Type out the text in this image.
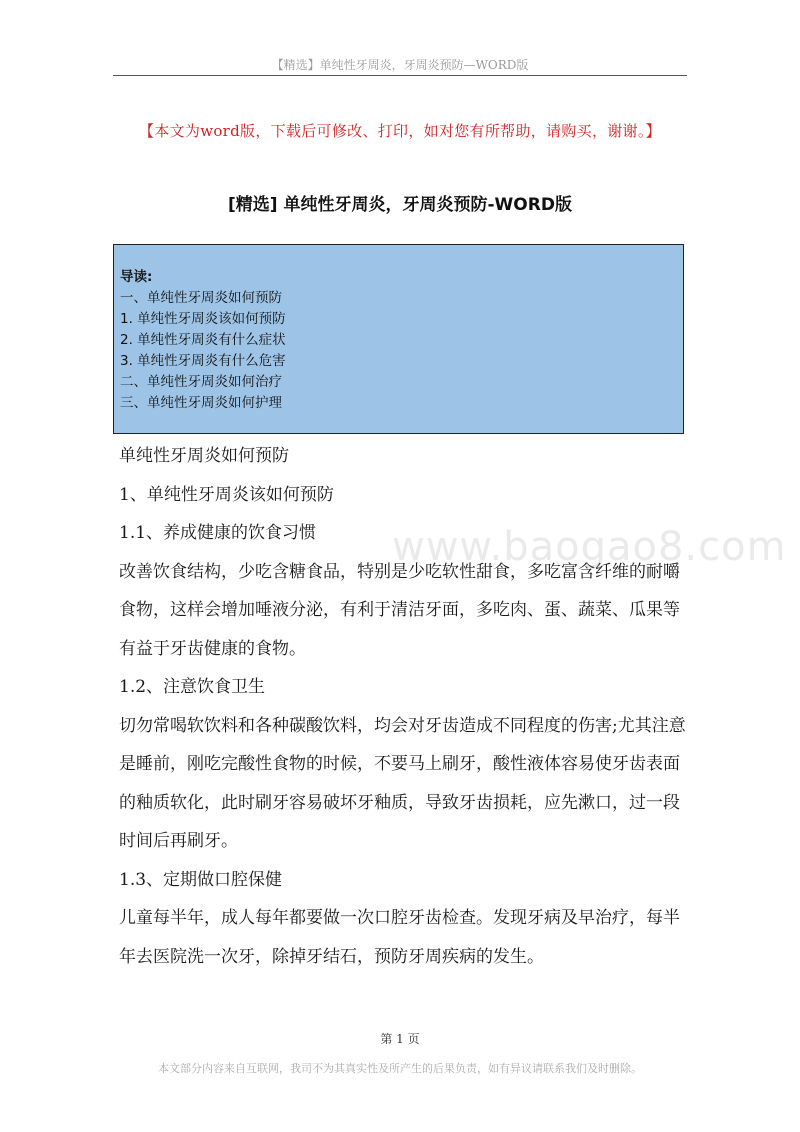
【精选】单纯性牙周炎，牙周炎预防—WORD版
【本文为word版，下载后可修改、打印，如对您有所帮助，请购买，谢谢。】
[精选] 单纯性牙周炎，牙周炎预防-WORD版
导读:
一、单纯性牙周炎如何预防
1. 单纯性牙周炎该如何预防
2. 单纯性牙周炎有什么症状
3. 单纯性牙周炎有什么危害
二、单纯性牙周炎如何治疗
三、单纯性牙周炎如何护理

单纯性牙周炎如何预防

1、单纯性牙周炎该如何预防

1.1、养成健康的饮食习惯

改善饮食结构，少吃含糖食品，特别是少吃软性甜食，多吃富含纤维的耐嚼食物，这样会增加唾液分泌，有利于清洁牙面，多吃肉、蛋、蔬菜、瓜果等有益于牙齿健康的食物。

1.2、注意饮食卫生

切勿常喝软饮料和各种碳酸饮料，均会对牙齿造成不同程度的伤害;尤其注意是睡前，刚吃完酸性食物的时候，不要马上刷牙，酸性液体容易使牙齿表面的釉质软化，此时刷牙容易破坏牙釉质，导致牙齿损耗，应先漱口，过一段时间后再刷牙。

1.3、定期做口腔保健

儿童每半年，成人每年都要做一次口腔牙齿检查。发现牙病及早治疗，每半年去医院洗一次牙，除掉牙结石，预防牙周疾病的发生。

www.baogao8.com
第 1 页
本文部分内容来自互联网，我司不为其真实性及所产生的后果负责，如有异议请联系我们及时删除。
